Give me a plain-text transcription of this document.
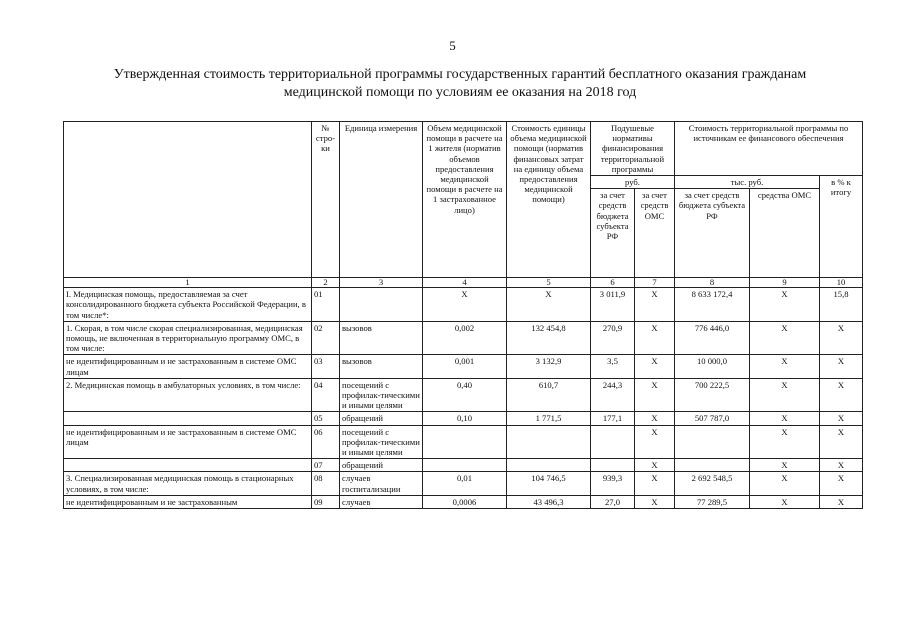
5
Утвержденная стоимость территориальной программы государственных гарантий бесплатного оказания гражданам
медицинской помощи по условиям ее оказания на 2018 год
	№ стро-ки	Единица измерения	Объем медицинской помощи в расчете на 1 жителя (норматив объемов предоставления медицинской помощи в расчете на 1 застрахованное лицо)	Стоимость единицы объема медицинской помощи (норматив финансовых затрат на единицу объема предоставления медицинской помощи)	Подушевые нормативы финансирования территориальной программы		Стоимость территориальной программы по источникам ее финансового обеспечения		
					руб.		тыс. руб.		в % к итогу
					за счет средств бюджета субъекта РФ	за счет средств ОМС	за счет средств бюджета субъекта РФ	средства ОМС	
1	2	3	4	5	6	7	8	9	10
I. Медицинская помощь, предоставляемая за счет консолидированного бюджета субъекта Российской Федерации, в том числе*:	01		X	X	3 011,9	X	8 633 172,4	X	15,8
1. Скорая, в том числе скорая специализированная, медицинская помощь, не включенная в территориальную программу ОМС, в том числе:	02	вызовов	0,002	132 454,8	270,9	X	776 446,0	X	X
не идентифицированным и не застрахованным в системе ОМС лицам	03	вызовов	0,001	3 132,9	3,5	X	10 000,0	X	X
2. Медицинская помощь в амбулаторных условиях, в том числе:	04	посещений с профилак-тическими и иными целями	0,40	610,7	244,3	X	700 222,5	X	X
	05	обращений	0,10	1 771,5	177,1	X	507 787,0	X	X
не идентифицированным и не застрахованным в системе ОМС лицам	06	посещений с профилак-тическими и иными целями				X		X	X
	07	обращений				X		X	X
3. Специализированная медицинская помощь в стационарных условиях, в том числе:	08	случаев госпитализации	0,01	104 746,5	939,3	X	2 692 548,5	X	X
не идентифицированным и не застрахованным	09	случаев	0,0006	43 496,3	27,0	X	77 289,5	X	X
